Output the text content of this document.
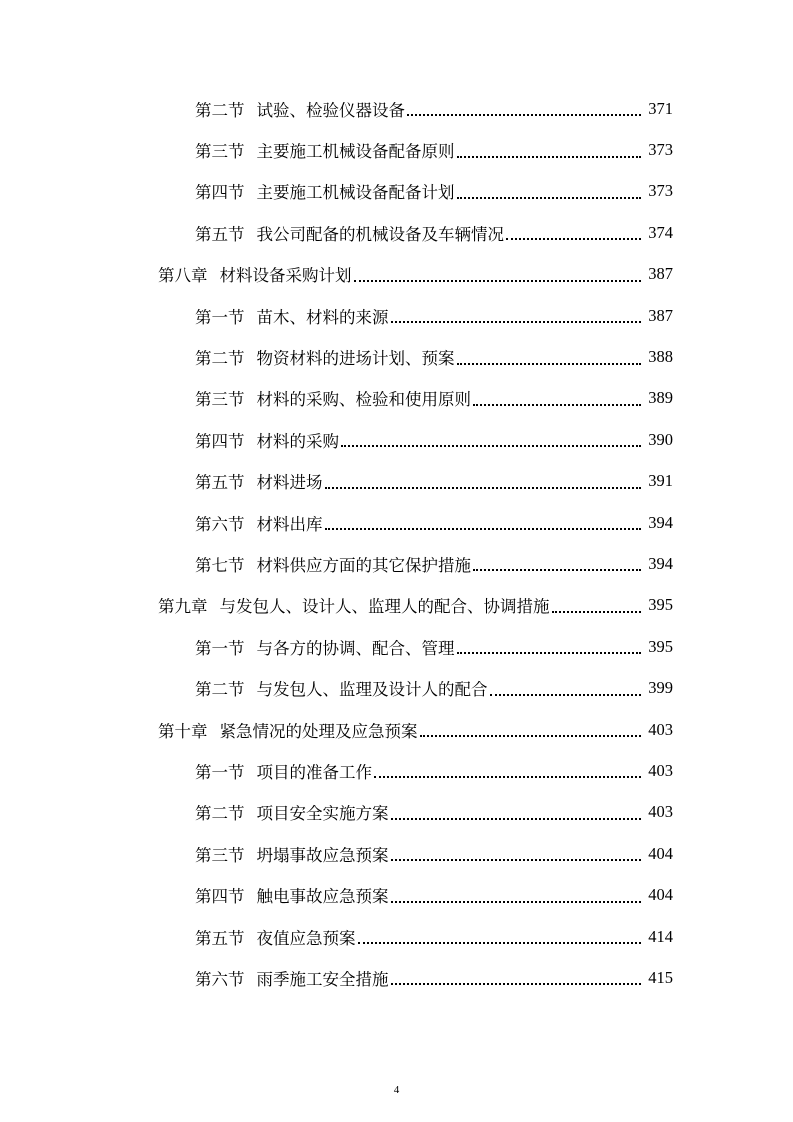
第二节 试验、检验仪器设备	371
第三节 主要施工机械设备配备原则	373
第四节 主要施工机械设备配备计划	373
第五节 我公司配备的机械设备及车辆情况	374
第八章 材料设备采购计划	387
第一节 苗木、材料的来源	387
第二节 物资材料的进场计划、预案	388
第三节 材料的采购、检验和使用原则	389
第四节 材料的采购	390
第五节 材料进场	391
第六节 材料出库	394
第七节 材料供应方面的其它保护措施	394
第九章 与发包人、设计人、监理人的配合、协调措施	395
第一节 与各方的协调、配合、管理	395
第二节 与发包人、监理及设计人的配合	399
第十章 紧急情况的处理及应急预案	403
第一节 项目的准备工作	403
第二节 项目安全实施方案	403
第三节 坍塌事故应急预案	404
第四节 触电事故应急预案	404
第五节 夜值应急预案	414
第六节 雨季施工安全措施	415
4
